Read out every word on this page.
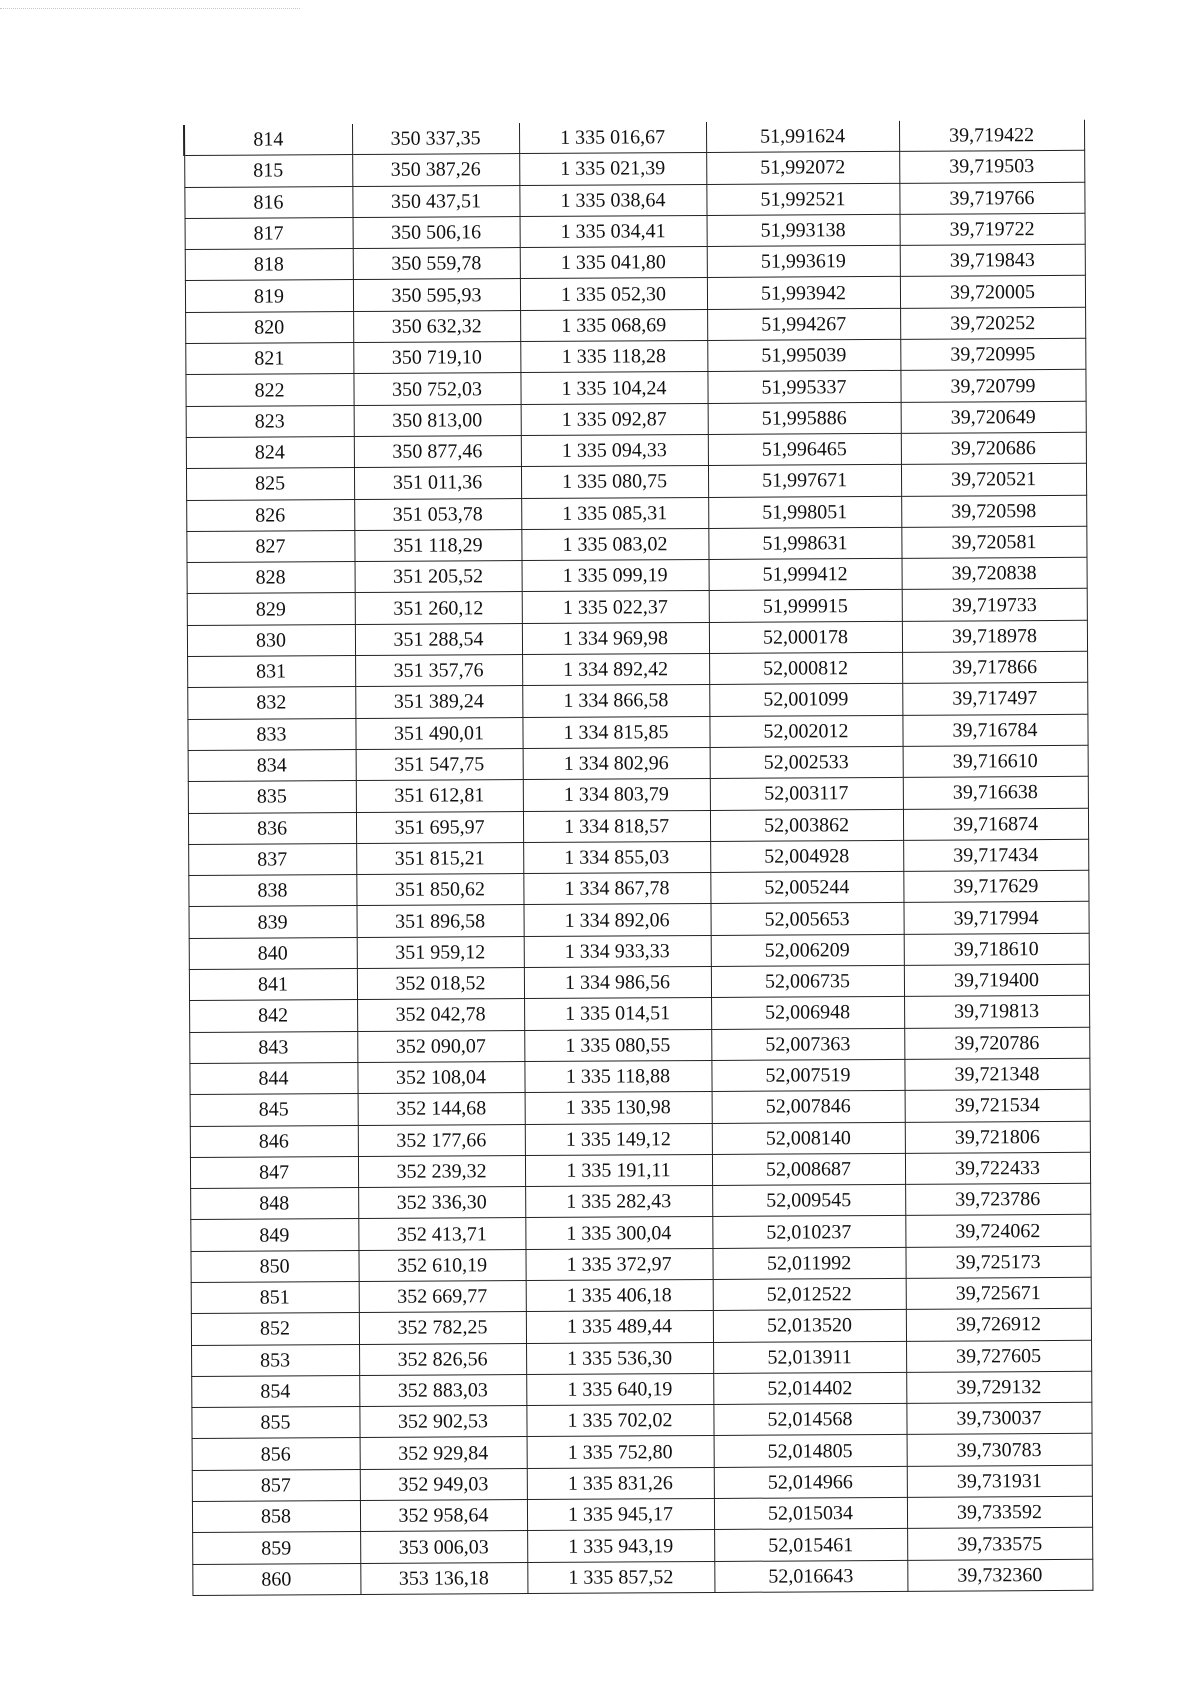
814	350 337,35	1 335 016,67	51,991624	39,719422
815	350 387,26	1 335 021,39	51,992072	39,719503
816	350 437,51	1 335 038,64	51,992521	39,719766
817	350 506,16	1 335 034,41	51,993138	39,719722
818	350 559,78	1 335 041,80	51,993619	39,719843
819	350 595,93	1 335 052,30	51,993942	39,720005
820	350 632,32	1 335 068,69	51,994267	39,720252
821	350 719,10	1 335 118,28	51,995039	39,720995
822	350 752,03	1 335 104,24	51,995337	39,720799
823	350 813,00	1 335 092,87	51,995886	39,720649
824	350 877,46	1 335 094,33	51,996465	39,720686
825	351 011,36	1 335 080,75	51,997671	39,720521
826	351 053,78	1 335 085,31	51,998051	39,720598
827	351 118,29	1 335 083,02	51,998631	39,720581
828	351 205,52	1 335 099,19	51,999412	39,720838
829	351 260,12	1 335 022,37	51,999915	39,719733
830	351 288,54	1 334 969,98	52,000178	39,718978
831	351 357,76	1 334 892,42	52,000812	39,717866
832	351 389,24	1 334 866,58	52,001099	39,717497
833	351 490,01	1 334 815,85	52,002012	39,716784
834	351 547,75	1 334 802,96	52,002533	39,716610
835	351 612,81	1 334 803,79	52,003117	39,716638
836	351 695,97	1 334 818,57	52,003862	39,716874
837	351 815,21	1 334 855,03	52,004928	39,717434
838	351 850,62	1 334 867,78	52,005244	39,717629
839	351 896,58	1 334 892,06	52,005653	39,717994
840	351 959,12	1 334 933,33	52,006209	39,718610
841	352 018,52	1 334 986,56	52,006735	39,719400
842	352 042,78	1 335 014,51	52,006948	39,719813
843	352 090,07	1 335 080,55	52,007363	39,720786
844	352 108,04	1 335 118,88	52,007519	39,721348
845	352 144,68	1 335 130,98	52,007846	39,721534
846	352 177,66	1 335 149,12	52,008140	39,721806
847	352 239,32	1 335 191,11	52,008687	39,722433
848	352 336,30	1 335 282,43	52,009545	39,723786
849	352 413,71	1 335 300,04	52,010237	39,724062
850	352 610,19	1 335 372,97	52,011992	39,725173
851	352 669,77	1 335 406,18	52,012522	39,725671
852	352 782,25	1 335 489,44	52,013520	39,726912
853	352 826,56	1 335 536,30	52,013911	39,727605
854	352 883,03	1 335 640,19	52,014402	39,729132
855	352 902,53	1 335 702,02	52,014568	39,730037
856	352 929,84	1 335 752,80	52,014805	39,730783
857	352 949,03	1 335 831,26	52,014966	39,731931
858	352 958,64	1 335 945,17	52,015034	39,733592
859	353 006,03	1 335 943,19	52,015461	39,733575
860	353 136,18	1 335 857,52	52,016643	39,732360
